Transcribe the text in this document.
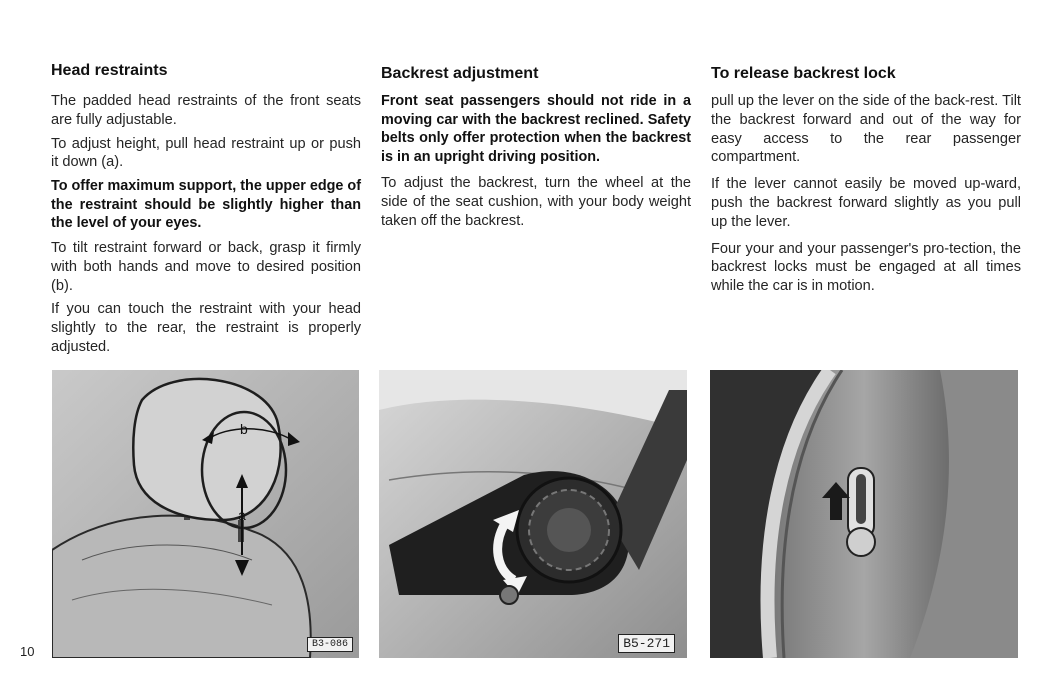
Head restraints

The padded head restraints of the front seats are fully adjustable.

To adjust height, pull head restraint up or push it down (a).

To offer maximum support, the upper edge of the restraint should be slightly higher than the level of your eyes.

To tilt restraint forward or back, grasp it firmly with both hands and move to desired position (b).

If you can touch the restraint with your head slightly to the rear, the restraint is properly adjusted.

Backrest adjustment

Front seat passengers should not ride in a moving car with the backrest reclined. Safety belts only offer protection when the backrest is in an upright driving position.

To adjust the backrest, turn the wheel at the side of the seat cushion, with your body weight taken off the backrest.

To release backrest lock

pull up the lever on the side of the back-rest. Tilt the backrest forward and out of the way for easy access to the rear passenger compartment.

If the lever cannot easily be moved up-ward, push the backrest forward slightly as you pull up the lever.

Four your and your passenger's pro-tection, the backrest locks must be engaged at all times while the car is in motion.

b
a
B3-086	B5-271
10
